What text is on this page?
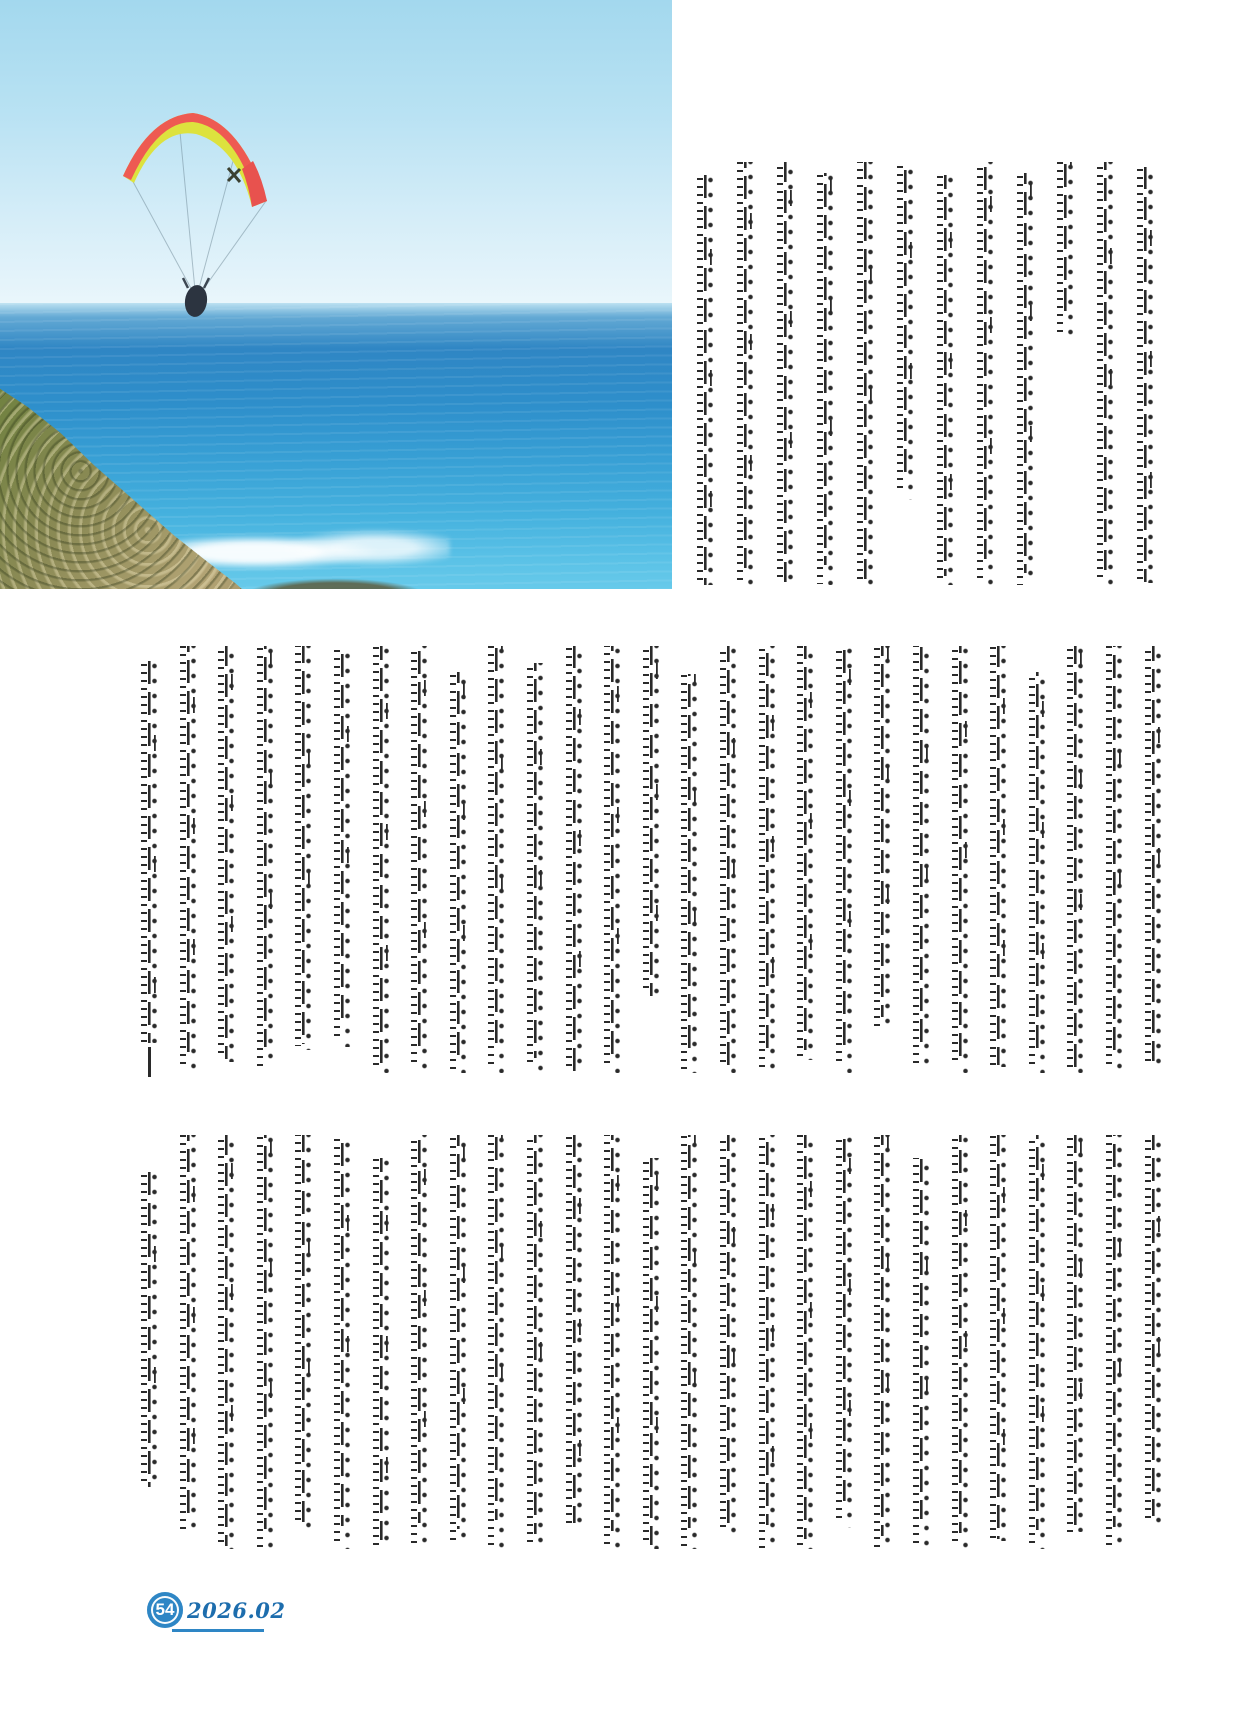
54 2026.02
